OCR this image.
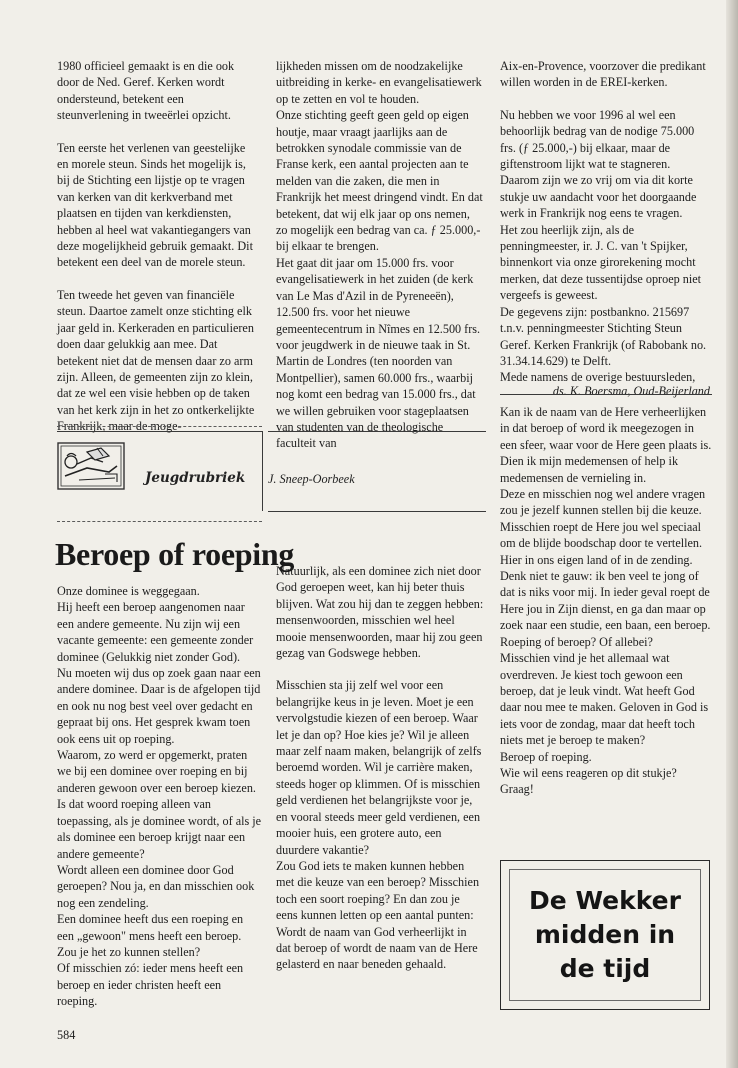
1980 officieel gemaakt is en die ook door de Ned. Geref. Kerken wordt ondersteund, betekent een steunverlening in tweeërlei opzicht.

Ten eerste het verlenen van geestelijke en morele steun. Sinds het mogelijk is, bij de Stichting een lijstje op te vragen van kerken van dit kerkverband met plaatsen en tijden van kerkdiensten, hebben al heel wat vakantiegangers van deze mogelijkheid gebruik gemaakt. Dit betekent een deel van de morele steun.

Ten tweede het geven van financiële steun. Daartoe zamelt onze stichting elk jaar geld in. Kerkeraden en particulieren doen daar gelukkig aan mee. Dat betekent niet dat de mensen daar zo arm zijn. Alleen, de gemeenten zijn zo klein, dat ze wel een visie hebben op de taken van het kerk zijn in het zo ontkerkelijkte Frankrijk, maar de moge-

lijkheden missen om de noodzakelijke uitbreiding in kerke- en evangelisatiewerk op te zetten en vol te houden.

Onze stichting geeft geen geld op eigen houtje, maar vraagt jaarlijks aan de betrokken synodale commissie van de Franse kerk, een aantal projecten aan te melden van die zaken, die men in Frankrijk het meest dringend vindt. En dat betekent, dat wij elk jaar op ons nemen, zo mogelijk een bedrag van ca. ƒ 25.000,- bij elkaar te brengen.

Het gaat dit jaar om 15.000 frs. voor evangelisatiewerk in het zuiden (de kerk van Le Mas d'Azil in de Pyreneeën), 12.500 frs. voor het nieuwe gemeentecentrum in Nîmes en 12.500 frs. voor jeugdwerk in de nieuwe taak in St. Martin de Londres (ten noorden van Montpellier), samen 60.000 frs., waarbij nog komt een bedrag van 15.000 frs., dat we willen gebruiken voor stageplaatsen van studenten van de theologische faculteit van

Aix-en-Provence, voorzover die predikant willen worden in de EREI-kerken.

Nu hebben we voor 1996 al wel een behoorlijk bedrag van de nodige 75.000 frs. (ƒ 25.000,-) bij elkaar, maar de giftenstroom lijkt wat te stagneren. Daarom zijn we zo vrij om via dit korte stukje uw aandacht voor het doorgaande werk in Frankrijk nog eens te vragen.

Het zou heerlijk zijn, als de penningmeester, ir. J. C. van 't Spijker, binnenkort via onze girorekening mocht merken, dat deze tussentijdse oproep niet vergeefs is geweest.

De gegevens zijn: postbankno. 215697 t.n.v. penningmeester Stichting Steun Geref. Kerken Frankrijk (of Rabobank no. 31.34.14.629) te Delft.

Mede namens de overige bestuursleden,

ds. K. Boersma, Oud-Beijerland
Jeugdrubriek J. Sneep-Oorbeek
Beroep of roeping

Onze dominee is weggegaan.

Hij heeft een beroep aangenomen naar een andere gemeente. Nu zijn wij een vacante gemeente: een gemeente zonder dominee (Gelukkig niet zonder God).

Nu moeten wij dus op zoek gaan naar een andere dominee. Daar is de afgelopen tijd en ook nu nog best veel over gedacht en gepraat bij ons. Het gesprek kwam toen ook eens uit op roeping.

Waarom, zo werd er opgemerkt, praten we bij een dominee over roeping en bij anderen gewoon over een beroep kiezen.

Is dat woord roeping alleen van toepassing, als je dominee wordt, of als je als dominee een beroep krijgt naar een andere gemeente?

Wordt alleen een dominee door God geroepen? Nou ja, en dan misschien ook nog een zendeling.

Een dominee heeft dus een roeping en een „gewoon" mens heeft een beroep. Zou je het zo kunnen stellen?

Of misschien zó: ieder mens heeft een beroep en ieder christen heeft een roeping.

Natuurlijk, als een dominee zich niet door God geroepen weet, kan hij beter thuis blijven. Wat zou hij dan te zeggen hebben: mensenwoorden, misschien wel heel mooie mensenwoorden, maar hij zou geen gezag van Godswege hebben.

Misschien sta jij zelf wel voor een belangrijke keus in je leven. Moet je een vervolgstudie kiezen of een beroep. Waar let je dan op? Hoe kies je? Wil je alleen maar zelf naam maken, belangrijk of zelfs beroemd worden. Wil je carrière maken, steeds hoger op klimmen. Of is misschien geld verdienen het belangrijkste voor je, en vooral steeds meer geld verdienen, een mooier huis, een grotere auto, een duurdere vakantie?

Zou God iets te maken kunnen hebben met die keuze van een beroep? Misschien toch een soort roeping? En dan zou je eens kunnen letten op een aantal punten: Wordt de naam van God verheerlijkt in dat beroep of wordt de naam van de Here gelasterd en naar beneden gehaald.

Kan ik de naam van de Here verheerlijken in dat beroep of word ik meegezogen in een sfeer, waar voor de Here geen plaats is.

Dien ik mijn medemensen of help ik medemensen de vernieling in.

Deze en misschien nog wel andere vragen zou je jezelf kunnen stellen bij die keuze.

Misschien roept de Here jou wel speciaal om de blijde boodschap door te vertellen. Hier in ons eigen land of in de zending. Denk niet te gauw: ik ben veel te jong of dat is niks voor mij. In ieder geval roept de Here jou in Zijn dienst, en ga dan maar op zoek naar een studie, een baan, een beroep.

Roeping of beroep? Of allebei?

Misschien vind je het allemaal wat overdreven. Je kiest toch gewoon een beroep, dat je leuk vindt. Wat heeft God daar nou mee te maken. Geloven in God is iets voor de zondag, maar dat heeft toch niets met je beroep te maken?

Beroep of roeping.

Wie wil eens reageren op dit stukje? Graag!

De Wekker
midden in
de tijd
584
